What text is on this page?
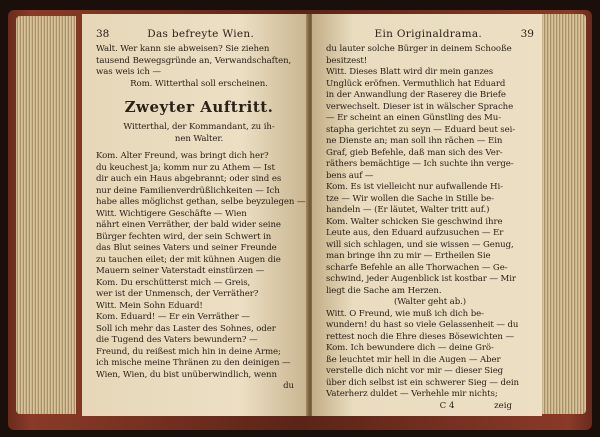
38	Das befreyte Wien.
Walt. Wer kann sie abweisen? Sie ziehen
tausend Bewegsgründe an, Verwandschaften,
was weis ich —
Rom. Witterthal soll erscheinen.
Zweyter Auftritt.
Witterthal, der Kommandant, zu ih-
nen Walter.
Kom. Alter Freund, was bringt dich her?
du keuchest ja; komm nur zu Athem — Ist
dir auch ein Haus abgebrannt; oder sind es
nur deine Familienverdrüßlichkeiten — Ich
habe alles möglichst gethan, selbe beyzulegen —
Witt. Wichtigere Geschäfte — Wien
nährt einen Verräther, der bald wider seine
Bürger fechten wird, der sein Schwert in
das Blut seines Vaters und seiner Freunde
zu tauchen eilet; der mit kühnen Augen die
Mauern seiner Vaterstadt einstürzen —
Kom. Du erschütterst mich — Greis,
wer ist der Unmensch, der Verräther?
Witt. Mein Sohn Eduard!
Kom. Eduard! — Er ein Verräther —
Soll ich mehr das Laster des Sohnes, oder
die Tugend des Vaters bewundern? —
Freund, du reißest mich hin in deine Arme;
ich mische meine Thränen zu den deinigen —
Wien, Wien, du bist unüberwindlich, wenn
du
Ein Originaldrama.	39
du lauter solche Bürger in deinem Schooße
besitzest!
Witt. Dieses Blatt wird dir mein ganzes
Unglück eröfnen. Vermuthlich hat Eduard
in der Anwandlung der Raserey die Briefe
verwechselt. Dieser ist in wälscher Sprache
— Er scheint an einen Günstling des Mu-
stapha gerichtet zu seyn — Eduard beut sei-
ne Dienste an; man soll ihn rächen — Ein
Graf, gieb Befehle, daß man sich des Ver-
räthers bemächtige — Ich suchte ihn verge-
bens auf —
Kom. Es ist vielleicht nur aufwallende Hi-
tze — Wir wollen die Sache in Stille be-
handeln — (Er läutet, Walter tritt auf.)
Kom. Walter schicken Sie geschwind ihre
Leute aus, den Eduard aufzusuchen — Er
will sich schlagen, und sie wissen — Genug,
man bringe ihn zu mir — Ertheilen Sie
scharfe Befehle an alle Thorwachen — Ge-
schwind, jeder Augenblick ist kostbar — Mir
liegt die Sache am Herzen.
(Walter geht ab.)
Witt. O Freund, wie muß ich dich be-
wundern! du hast so viele Gelassenheit — du
rettest noch die Ehre dieses Bösewichten —
Kom. Ich bewundere dich — deine Grö-
ße leuchtet mir hell in die Augen — Aber
verstelle dich nicht vor mir — dieser Sieg
über dich selbst ist ein schwerer Sieg — dein
Vaterherz duldet — Verhehle mir nichts;
C 4	zeig
